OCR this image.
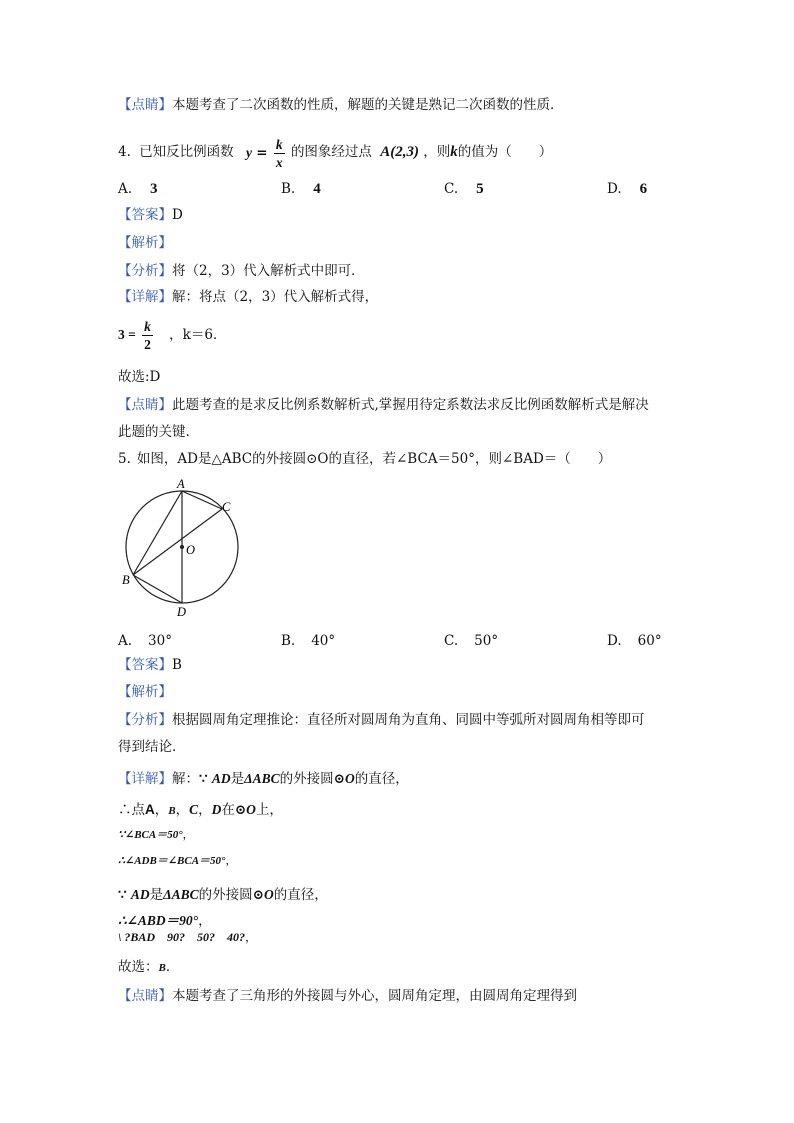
【点睛】本题考查了二次函数的性质，解题的关键是熟记二次函数的性质．
4. 已知反比例函数 $y = \frac{k}{x}$ 的图象经过点 A(2,3) ，则k的值为（　　）
A. 3	B. 4	C. 5	D. 6
【答案】D
【解析】
【分析】将（2，3）代入解析式中即可．
【详解】解：将点（2，3）代入解析式得，
$3 = \frac{k}{2}$ ，k＝6．
故选:D
【点睛】此题考查的是求反比例系数解析式,掌握用待定系数法求反比例函数解析式是解决
此题的关键.
5. 如图，AD是△ABC的外接圆⊙O的直径，若∠BCA＝50°，则∠BAD＝（　　）
A
B
C
D
O
A. 30°	B. 40°	C. 50°	D. 60°
【答案】B
【解析】
【分析】根据圆周角定理推论：直径所对圆周角为直角、同圆中等弧所对圆周角相等即可
得到结论．
【详解】解：∵ AD是ΔABC的外接圆⊙O的直径，
∴点A，B，C，D在⊙O上，
∵∠BCA＝50°，
∴∠ADB＝∠BCA＝50°，
∵ AD是ΔABC的外接圆⊙O的直径，
∴∠ABD＝90°，
\ ?BAD　90?　50?　40?，
故选：B．
【点睛】本题考查了三角形的外接圆与外心，圆周角定理，由圆周角定理得到
